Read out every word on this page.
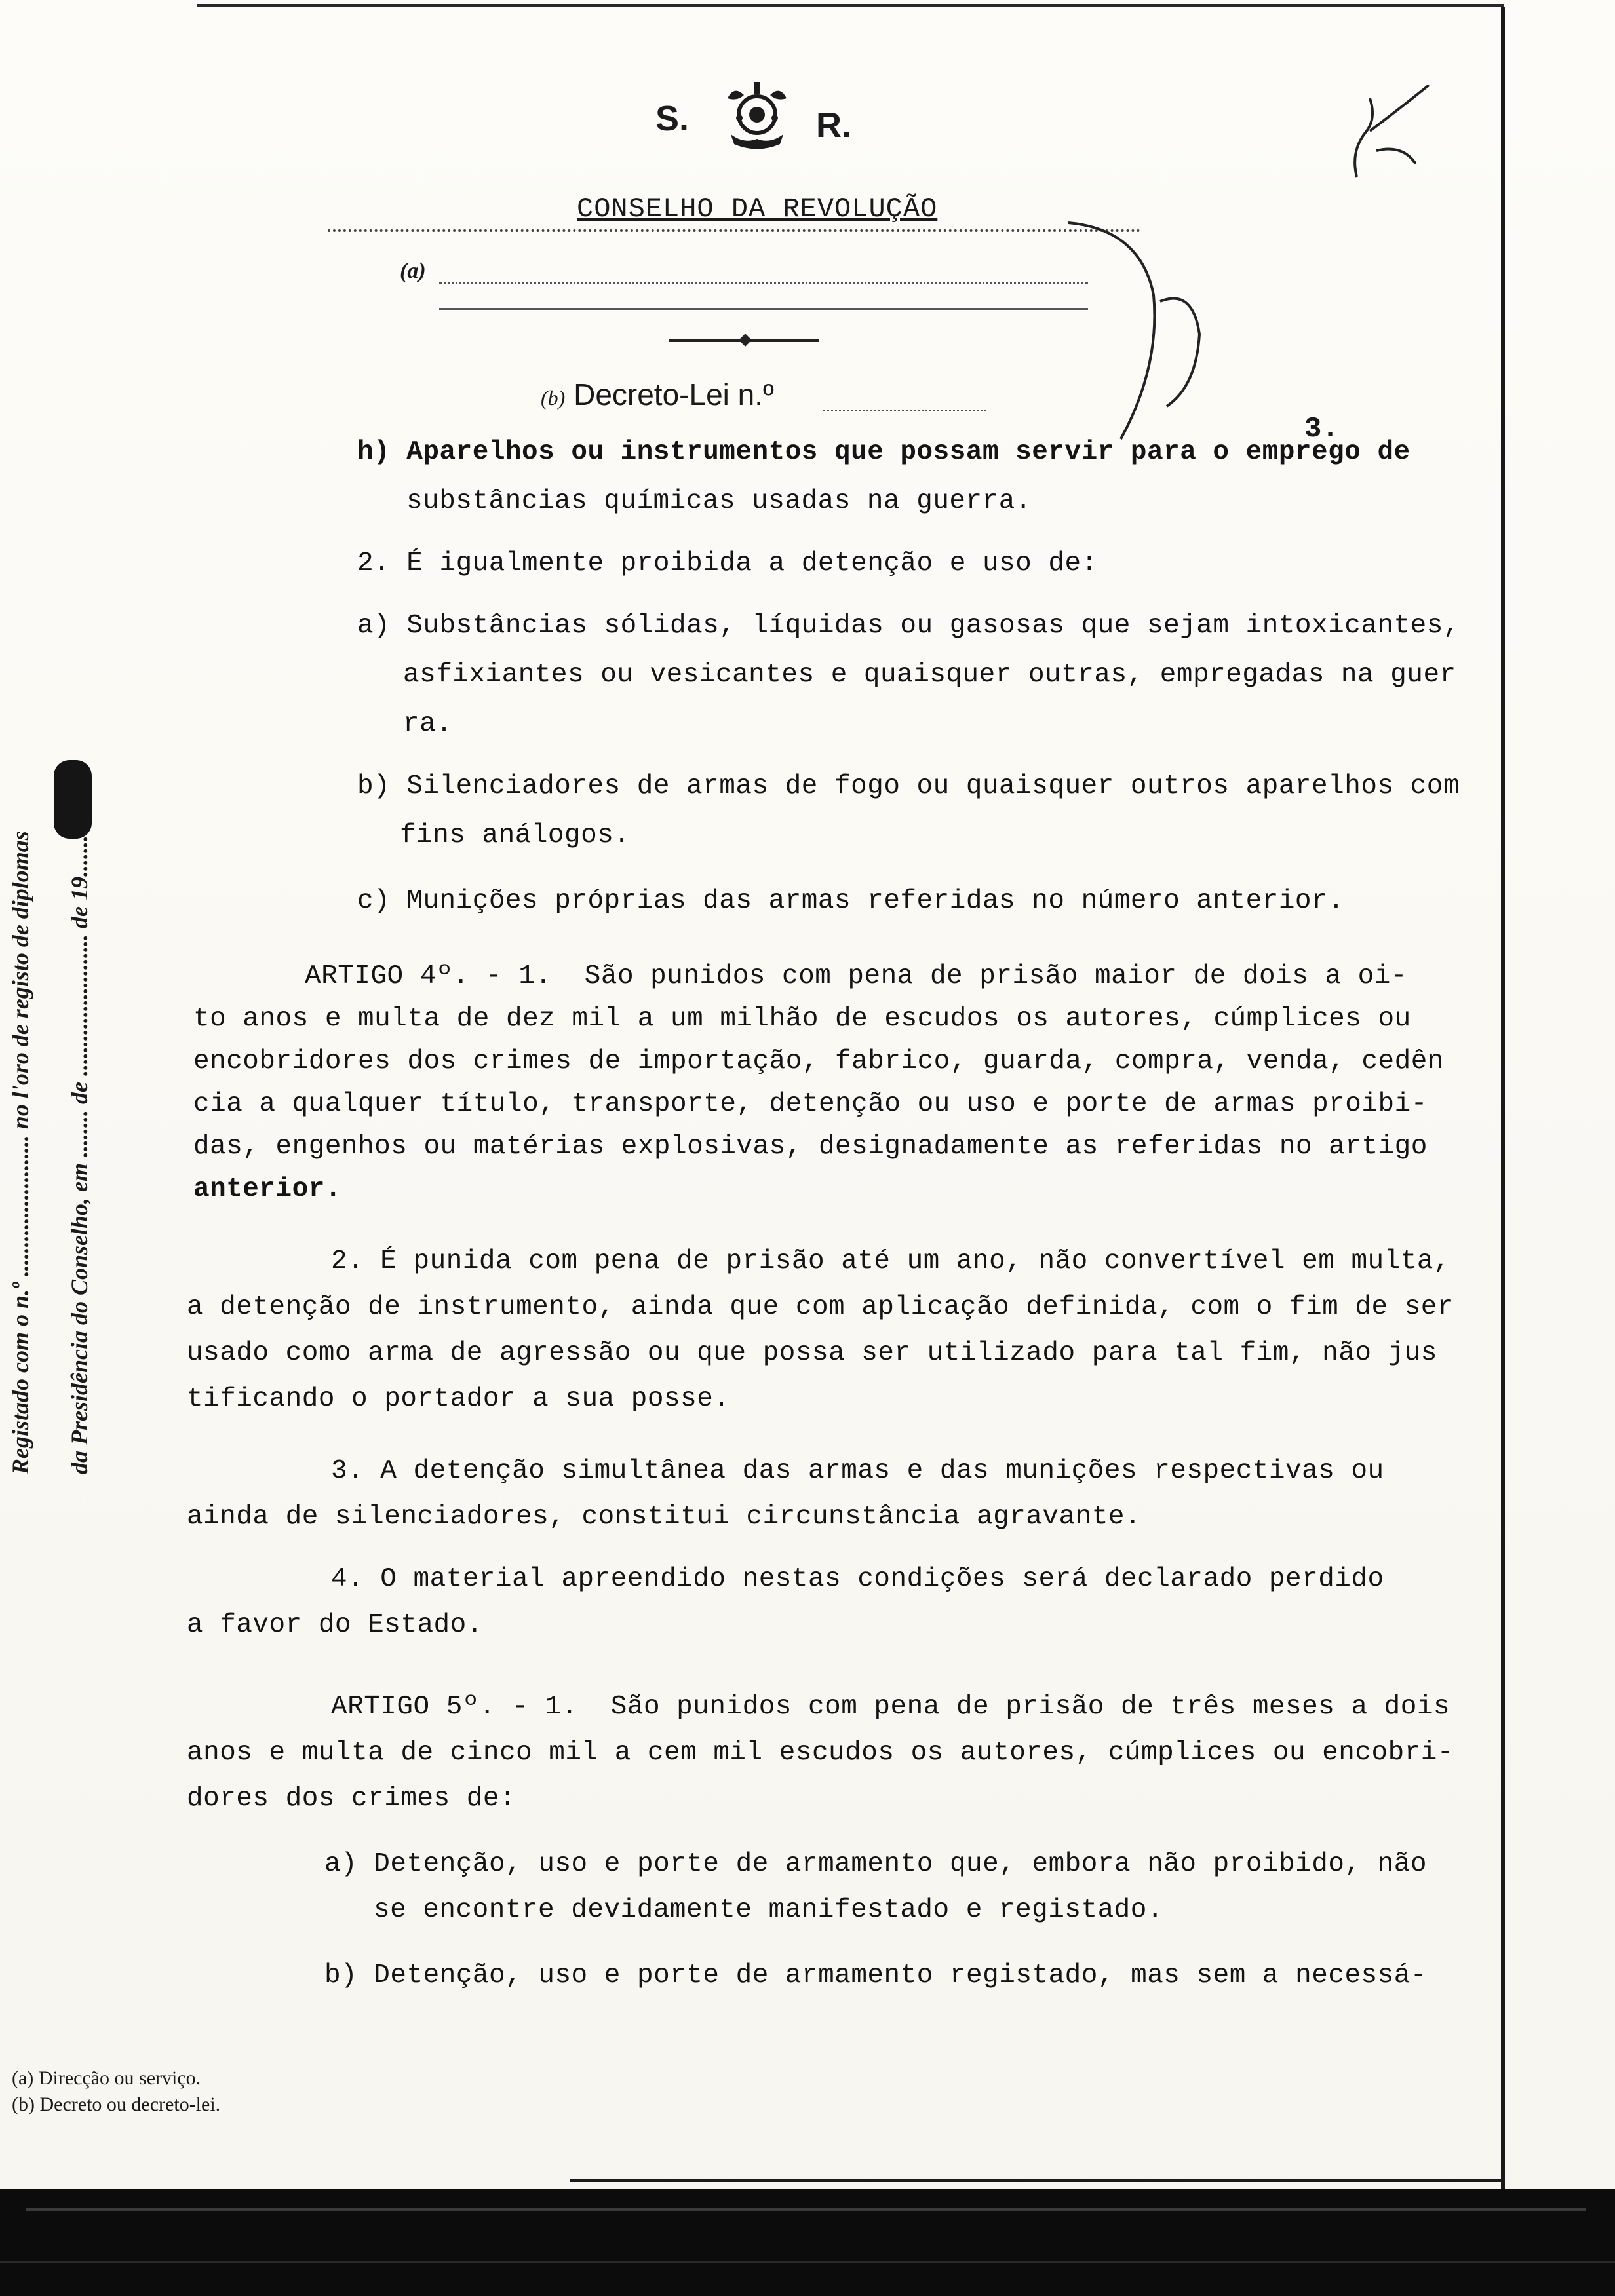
S.	R.
CONSELHO DA REVOLUÇÃO
(a)
(b) Decreto-Lei n.º
3.
h) Aparelhos ou instrumentos que possam servir para o emprego de
substâncias químicas usadas na guerra.
2. É igualmente proibida a detenção e uso de:
a) Substâncias sólidas, líquidas ou gasosas que sejam intoxicantes,
asfixiantes ou vesicantes e quaisquer outras, empregadas na guer
ra.
b) Silenciadores de armas de fogo ou quaisquer outros aparelhos com
fins análogos.
c) Munições próprias das armas referidas no número anterior.
ARTIGO 4º. - 1.  São punidos com pena de prisão maior de dois a oi-
to anos e multa de dez mil a um milhão de escudos os autores, cúmplices ou
encobridores dos crimes de importação, fabrico, guarda, compra, venda, cedên
cia a qualquer título, transporte, detenção ou uso e porte de armas proibi-
das, engenhos ou matérias explosivas, designadamente as referidas no artigo
anterior.
2. É punida com pena de prisão até um ano, não convertível em multa,
a detenção de instrumento, ainda que com aplicação definida, com o fim de ser
usado como arma de agressão ou que possa ser utilizado para tal fim, não jus
tificando o portador a sua posse.
3. A detenção simultânea das armas e das munições respectivas ou
ainda de silenciadores, constitui circunstância agravante.
4. O material apreendido nestas condições será declarado perdido
a favor do Estado.
ARTIGO 5º. - 1.  São punidos com pena de prisão de três meses a dois
anos e multa de cinco mil a cem mil escudos os autores, cúmplices ou encobri-
dores dos crimes de:
a) Detenção, uso e porte de armamento que, embora não proibido, não
se encontre devidamente manifestado e registado.
b) Detenção, uso e porte de armamento registado, mas sem a necessá-
Registado com o n.º ........................ no l'oro de registo de diplomas da Presidência do Conselho, em ........ de ........................ de 19........
(a) Direcção ou serviço.
(b) Decreto ou decreto-lei.
